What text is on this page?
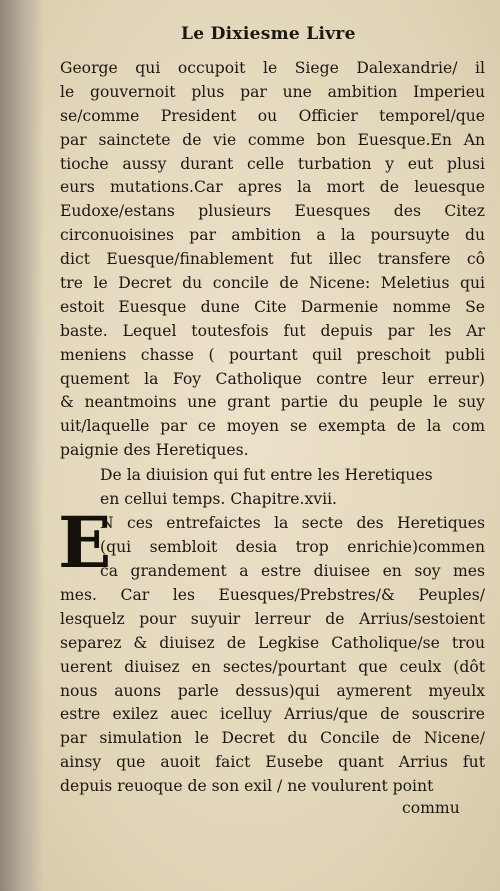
Le Dixiesme Livre
George qui occupoit le Siege Dalexandrie/ il
le gouvernoit plus par une ambition Imperieu
se/comme President ou Officier temporel/que
par sainctete de vie comme bon Euesque.En An
tioche aussy durant celle turbation y eut plusi
eurs mutations.Car apres la mort de leuesque
Eudoxe/estans plusieurs Euesques des Citez
circonuoisines par ambition a la poursuyte du
dict Euesque/finablement fut illec transfere cô
tre le Decret du concile de Nicene: Meletius qui
estoit Euesque dune Cite Darmenie nomme Se
baste. Lequel toutesfois fut depuis par les Ar
meniens chasse ( pourtant quil preschoit publi
quement la Foy Catholique contre leur erreur)
& neantmoins une grant partie du peuple le suy
uit/laquelle par ce moyen se exempta de la com
paignie des Heretiques.
De la diuision qui fut entre les Heretiques
en cellui temps. Chapitre.xvii.
E
N ces entrefaictes la secte des Heretiques
(qui sembloit desia trop enrichie)commen
ca grandement a estre diuisee en soy mes
mes. Car les Euesques/Prebstres/& Peuples/
lesquelz pour suyuir lerreur de Arrius/sestoient
separez & diuisez de Legkise Catholique/se trou
uerent diuisez en sectes/pourtant que ceulx (dôt
nous auons parle dessus)qui aymerent myeulx
estre exilez auec icelluy Arrius/que de souscrire
par simulation le Decret du Concile de Nicene/
ainsy que auoit faict Eusebe quant Arrius fut
depuis reuoque de son exil / ne voulurent point
commu
